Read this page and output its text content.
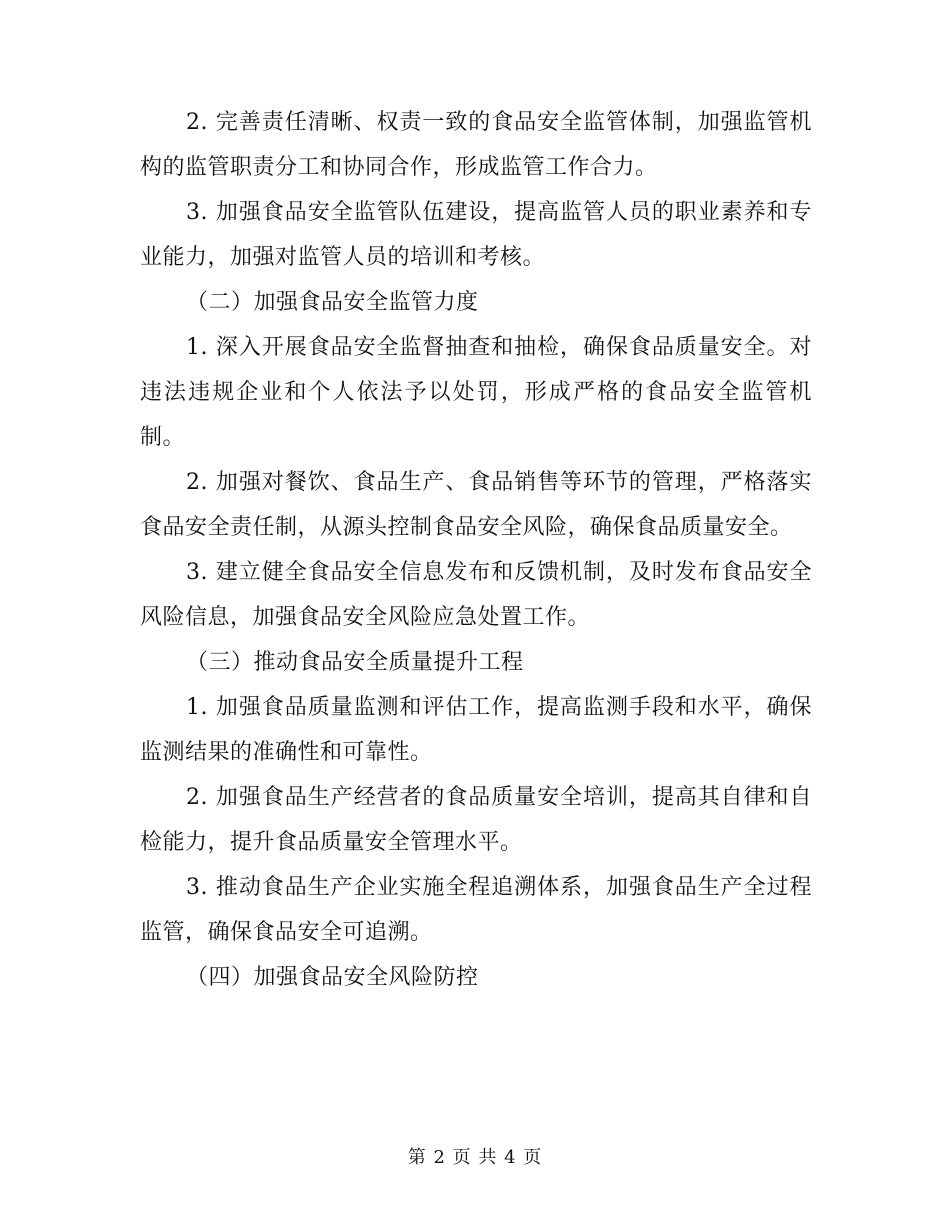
2. 完善责任清晰、权责一致的食品安全监管体制，加强监管机构的监管职责分工和协同合作，形成监管工作合力。

3. 加强食品安全监管队伍建设，提高监管人员的职业素养和专业能力，加强对监管人员的培训和考核。

（二）加强食品安全监管力度

1. 深入开展食品安全监督抽查和抽检，确保食品质量安全。对违法违规企业和个人依法予以处罚，形成严格的食品安全监管机制。

2. 加强对餐饮、食品生产、食品销售等环节的管理，严格落实食品安全责任制，从源头控制食品安全风险，确保食品质量安全。

3. 建立健全食品安全信息发布和反馈机制，及时发布食品安全风险信息，加强食品安全风险应急处置工作。

（三）推动食品安全质量提升工程

1. 加强食品质量监测和评估工作，提高监测手段和水平，确保监测结果的准确性和可靠性。

2. 加强食品生产经营者的食品质量安全培训，提高其自律和自检能力，提升食品质量安全管理水平。

3. 推动食品生产企业实施全程追溯体系，加强食品生产全过程监管，确保食品安全可追溯。

（四）加强食品安全风险防控

第 2 页 共 4 页
